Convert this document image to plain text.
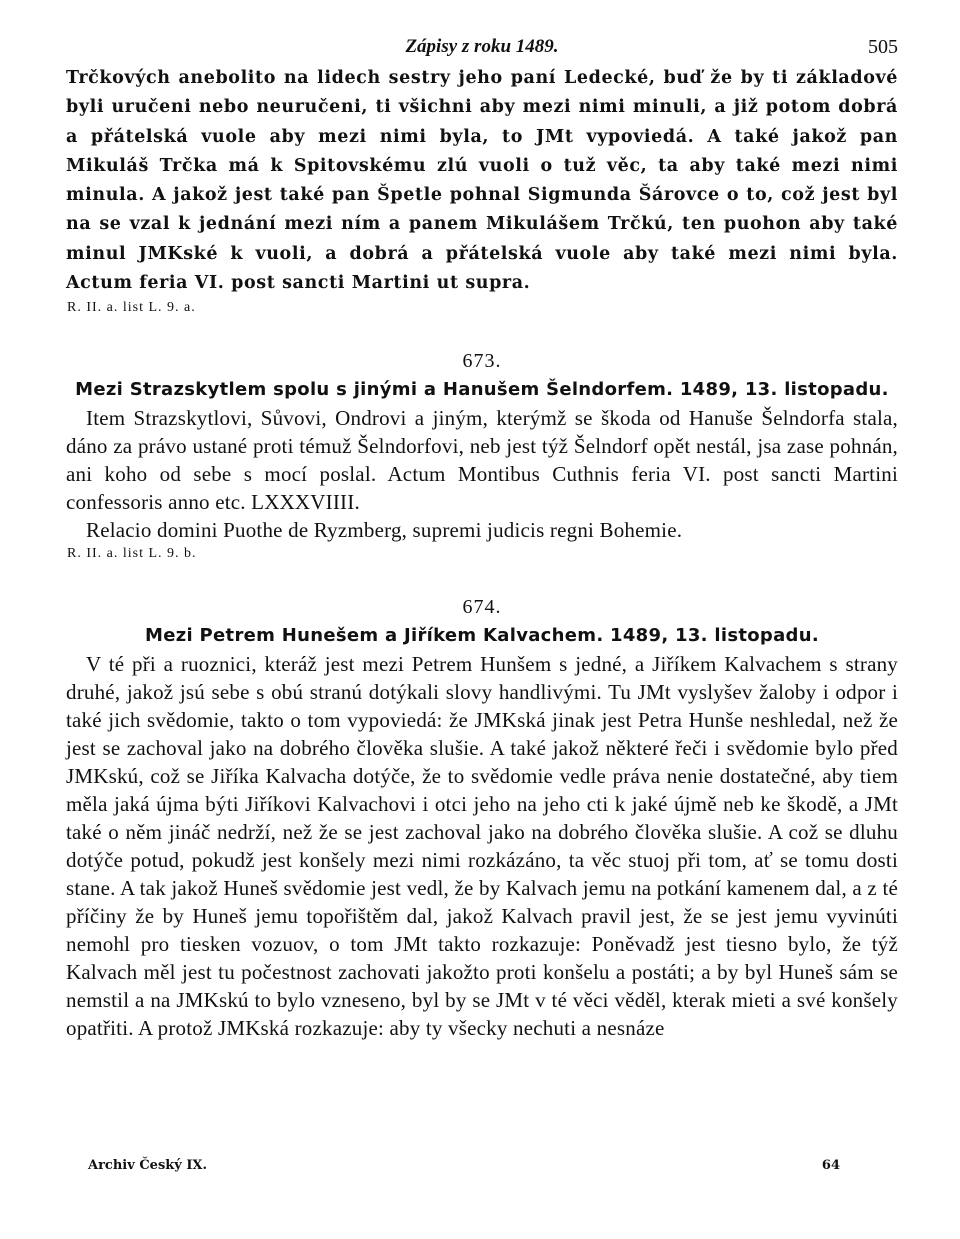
Zápisy z roku 1489.	505

Trčkových anebolito na lidech sestry jeho paní Ledecké, buď že by ti základové byli uručeni nebo neuručeni, ti všichni aby mezi nimi minuli, a již potom dobrá a přátelská vuole aby mezi nimi byla, to JMt vypoviedá. A také jakož pan Mikuláš Trčka má k Spitovskému zlú vuoli o tuž věc, ta aby také mezi nimi minula. A jakož jest také pan Špetle pohnal Sigmunda Šárovce o to, což jest byl na se vzal k jednání mezi ním a panem Mikulášem Trčkú, ten puohon aby také minul JMKské k vuoli, a dobrá a přátelská vuole aby také mezi nimi byla. Actum feria VI. post sancti Martini ut supra.

R. II. a. list L. 9. a.
673.
Mezi Strazskytlem spolu s jinými a Hanušem Šelndorfem. 1489, 13. listopadu.

Item Strazskytlovi, Sůvovi, Ondrovi a jiným, kterýmž se škoda od Hanuše Šelndorfa stala, dáno za právo ustané proti témuž Šelndorfovi, neb jest týž Šelndorf opět nestál, jsa zase pohnán, ani koho od sebe s mocí poslal. Actum Montibus Cuthnis feria VI. post sancti Martini confessoris anno etc. LXXXVIIII.

Relacio domini Puothe de Ryzmberg, supremi judicis regni Bohemie.

R. II. a. list L. 9. b.
674.
Mezi Petrem Hunešem a Jiříkem Kalvachem. 1489, 13. listopadu.

V té při a ruoznici, kteráž jest mezi Petrem Hunšem s jedné, a Jiříkem Kalvachem s strany druhé, jakož jsú sebe s obú stranú dotýkali slovy handlivými. Tu JMt vyslyšev žaloby i odpor i také jich svědomie, takto o tom vypoviedá: že JMKská jinak jest Petra Hunše neshledal, než že jest se zachoval jako na dobrého člověka slušie. A také jakož některé řeči i svědomie bylo před JMKskú, což se Jiříka Kalvacha dotýče, že to svědomie vedle práva nenie dostatečné, aby tiem měla jaká újma býti Jiříkovi Kalvachovi i otci jeho na jeho cti k jaké újmě neb ke škodě, a JMt také o něm jináč nedrží, než že se jest zachoval jako na dobrého člověka slušie. A což se dluhu dotýče potud, pokudž jest konšely mezi nimi rozkázáno, ta věc stuoj při tom, ať se tomu dosti stane. A tak jakož Huneš svědomie jest vedl, že by Kalvach jemu na potkání kamenem dal, a z té příčiny že by Huneš jemu topořištěm dal, jakož Kalvach pravil jest, že se jest jemu vyvinúti nemohl pro tiesken vozuov, o tom JMt takto rozkazuje: Poněvadž jest tiesno bylo, že týž Kalvach měl jest tu počestnost zachovati jakožto proti konšelu a postáti; a by byl Huneš sám se nemstil a na JMKskú to bylo vzneseno, byl by se JMt v té věci věděl, kterak mieti a své konšely opatřiti. A protož JMKská rozkazuje: aby ty všecky nechuti a nesnáze

Archiv Český IX.	64
